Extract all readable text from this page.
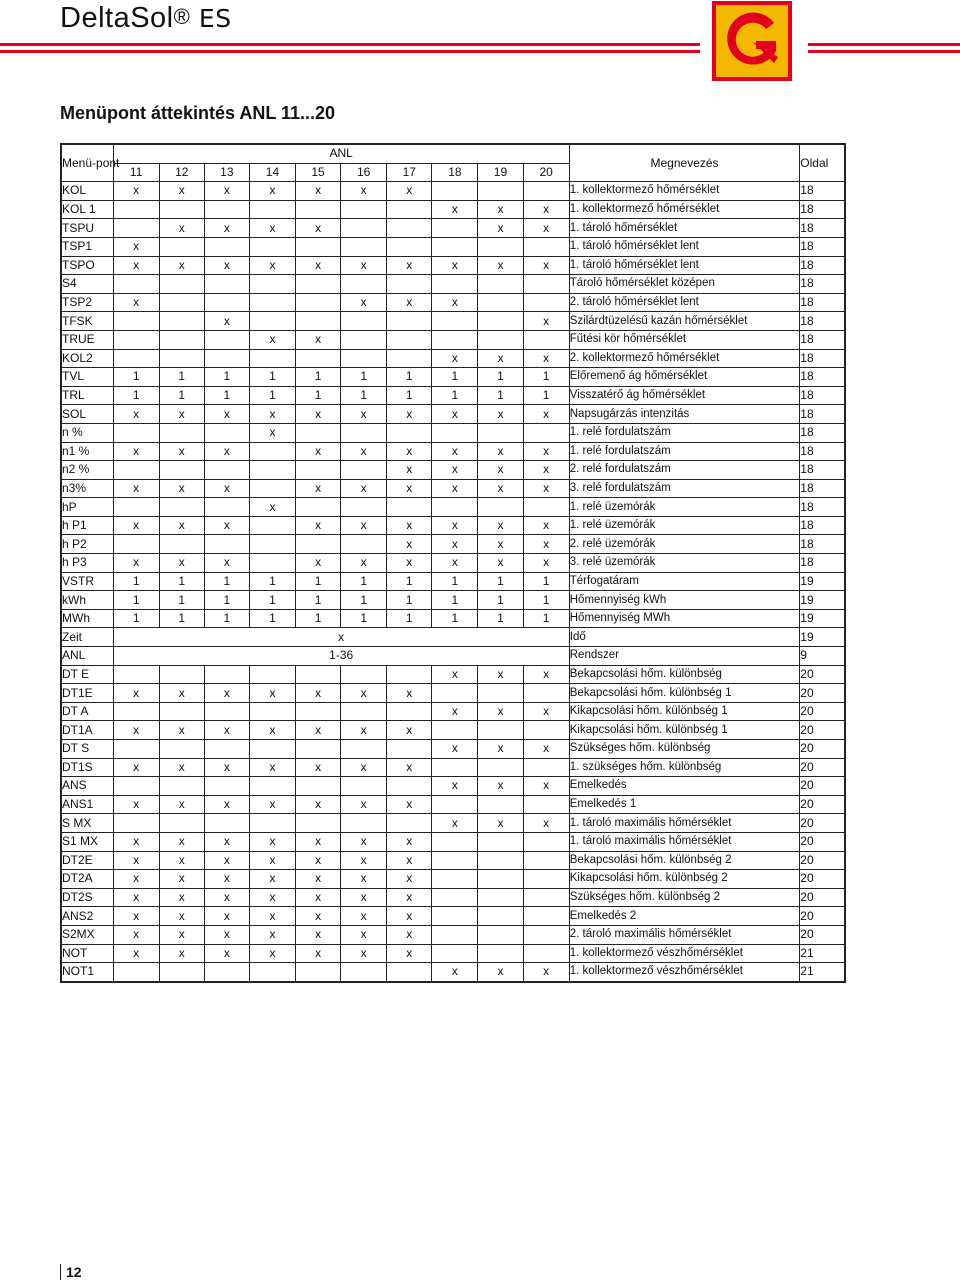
DeltaSol® ES
Menüpont áttekintés ANL 11...20
Menü-pont	ANL										Megnevezés	Oldal
	11	12	13	14	15	16	17	18	19	20		
KOL	x	x	x	x	x	x	x				1. kollektormező hőmérséklet	18
KOL 1								x	x	x	1. kollektormező hőmérséklet	18
TSPU		x	x	x	x				x	x	1. tároló hőmérséklet	18
TSP1	x										1. tároló hőmérséklet lent	18
TSPO	x	x	x	x	x	x	x	x	x	x	1. tároló hőmérséklet lent	18
S4											Tároló hőmérséklet középen	18
TSP2	x					x	x	x			2. tároló hőmérséklet lent	18
TFSK			x							x	Szilárdtüzelésű kazán hőmérséklet	18
TRUE				x	x						Fűtési kör hőmérséklet	18
KOL2								x	x	x	2. kollektormező hőmérséklet	18
TVL	1	1	1	1	1	1	1	1	1	1	Előremenő ág hőmérséklet	18
TRL	1	1	1	1	1	1	1	1	1	1	Visszatérő ág hőmérséklet	18
SOL	x	x	x	x	x	x	x	x	x	x	Napsugárzás intenzitás	18
n %				x							1. relé fordulatszám	18
n1 %	x	x	x		x	x	x	x	x	x	1. relé fordulatszám	18
n2 %							x	x	x	x	2. relé fordulatszám	18
n3%	x	x	x		x	x	x	x	x	x	3. relé fordulatszám	18
hP				x							1. relé üzemórák	18
h P1	x	x	x		x	x	x	x	x	x	1. relé üzemórák	18
h P2							x	x	x	x	2. relé üzemórák	18
h P3	x	x	x		x	x	x	x	x	x	3. relé üzemórák	18
VSTR	1	1	1	1	1	1	1	1	1	1	Térfogatáram	19
kWh	1	1	1	1	1	1	1	1	1	1	Hőmennyiség kWh	19
MWh	1	1	1	1	1	1	1	1	1	1	Hőmennyiség MWh	19
Zeit	x										Idő	19
ANL	1-36										Rendszer	9
DT E								x	x	x	Bekapcsolási hőm. különbség	20
DT1E	x	x	x	x	x	x	x				Bekapcsolási hőm. különbség 1	20
DT A								x	x	x	Kikapcsolási hőm. különbség 1	20
DT1A	x	x	x	x	x	x	x				Kikapcsolási hőm. különbség 1	20
DT S								x	x	x	Szükséges hőm. különbség	20
DT1S	x	x	x	x	x	x	x				1. szükséges hőm. különbség	20
ANS								x	x	x	Emelkedés	20
ANS1	x	x	x	x	x	x	x				Emelkedés 1	20
S MX								x	x	x	1. tároló maximális hőmérséklet	20
S1 MX	x	x	x	x	x	x	x				1. tároló maximális hőmérséklet	20
DT2E	x	x	x	x	x	x	x				Bekapcsolási hőm. különbség 2	20
DT2A	x	x	x	x	x	x	x				Kikapcsolási hőm. különbség 2	20
DT2S	x	x	x	x	x	x	x				Szükséges hőm. különbség 2	20
ANS2	x	x	x	x	x	x	x				Emelkedés 2	20
S2MX	x	x	x	x	x	x	x				2. tároló maximális hőmérséklet	20
NOT	x	x	x	x	x	x	x				1. kollektormező vészhőmérséklet	21
NOT1								x	x	x	1. kollektormező vészhőmérséklet	21
12
